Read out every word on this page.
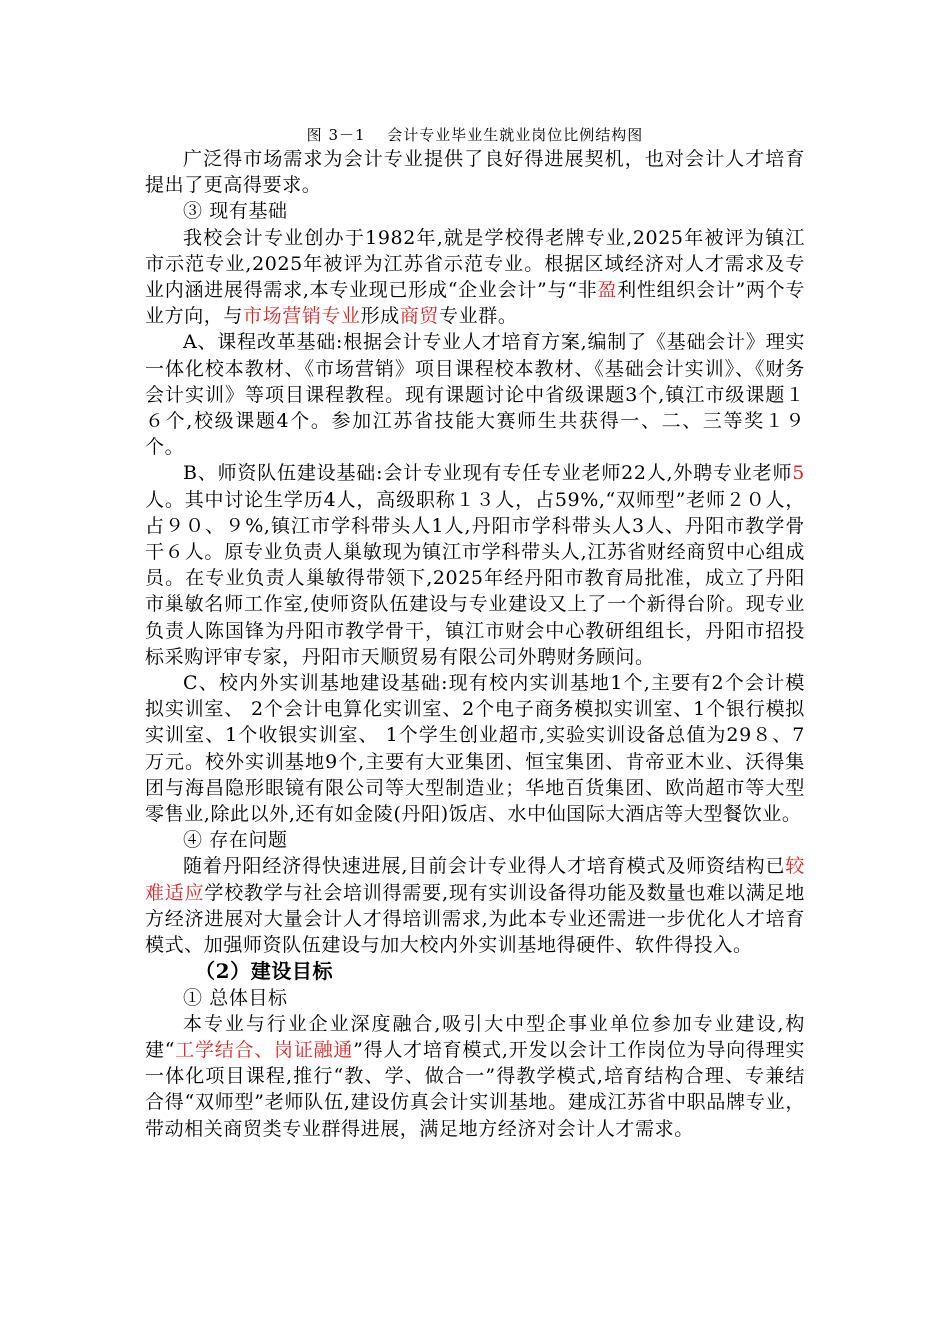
图 3－1　 会计专业毕业生就业岗位比例结构图

广泛得市场需求为会计专业提供了良好得进展契机，也对会计人才培育提出了更高得要求。

③ 现有基础

我校会计专业创办于1982年,就是学校得老牌专业,2025年被评为镇江市示范专业,2025年被评为江苏省示范专业。根据区域经济对人才需求及专业内涵进展得需求,本专业现已形成“企业会计”与“非盈利性组织会计”两个专业方向，与市场营销专业形成商贸专业群。

A、课程改革基础:根据会计专业人才培育方案,编制了《基础会计》理实一体化校本教材、《市场营销》项目课程校本教材、《基础会计实训》、《财务会计实训》等项目课程教程。现有课题讨论中省级课题3个,镇江市级课题１６个,校级课题4个。参加江苏省技能大赛师生共获得一、二、三等奖１９个。

B、师资队伍建设基础:会计专业现有专任专业老师22人,外聘专业老师5人。其中讨论生学历4人，高级职称１３人，占59%,“双师型”老师２０人，占９０、９%,镇江市学科带头人1人,丹阳市学科带头人3人、丹阳市教学骨干６人。原专业负责人巢敏现为镇江市学科带头人,江苏省财经商贸中心组成员。在专业负责人巢敏得带领下,2025年经丹阳市教育局批准，成立了丹阳市巢敏名师工作室,使师资队伍建设与专业建设又上了一个新得台阶。现专业负责人陈国锋为丹阳市教学骨干，镇江市财会中心教研组组长，丹阳市招投标采购评审专家，丹阳市天顺贸易有限公司外聘财务顾问。

C、校内外实训基地建设基础:现有校内实训基地1个,主要有2个会计模拟实训室、 2个会计电算化实训室、2个电子商务模拟实训室、1个银行模拟实训室、1个收银实训室、 1个学生创业超市,实验实训设备总值为29８、7万元。校外实训基地9个,主要有大亚集团、恒宝集团、肯帝亚木业、沃得集团与海昌隐形眼镜有限公司等大型制造业；华地百货集团、欧尚超市等大型零售业,除此以外,还有如金陵(丹阳)饭店、水中仙国际大酒店等大型餐饮业。

④ 存在问题

随着丹阳经济得快速进展,目前会计专业得人才培育模式及师资结构已较难适应学校教学与社会培训得需要,现有实训设备得功能及数量也难以满足地方经济进展对大量会计人才得培训需求,为此本专业还需进一步优化人才培育模式、加强师资队伍建设与加大校内外实训基地得硬件、软件得投入。

（2）建设目标

① 总体目标

本专业与行业企业深度融合,吸引大中型企事业单位参加专业建设,构建“工学结合、岗证融通”得人才培育模式,开发以会计工作岗位为导向得理实一体化项目课程,推行“教、学、做合一”得教学模式,培育结构合理、专兼结合得“双师型”老师队伍,建设仿真会计实训基地。建成江苏省中职品牌专业，带动相关商贸类专业群得进展，满足地方经济对会计人才需求。
